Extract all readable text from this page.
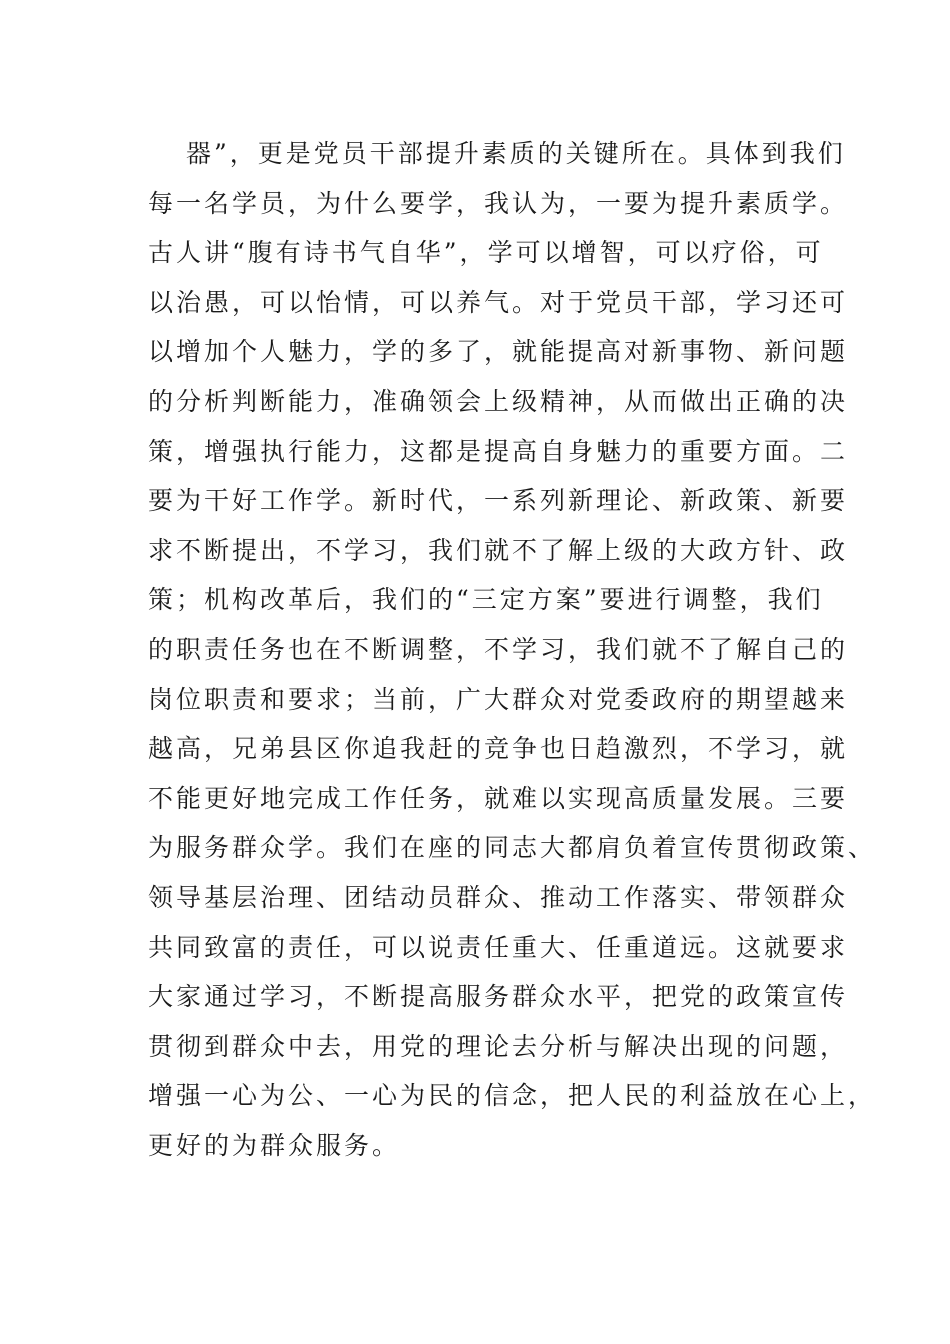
器”，更是党员干部提升素质的关键所在。具体到我们
每一名学员，为什么要学，我认为，一要为提升素质学。
古人讲“腹有诗书气自华”，学可以增智，可以疗俗，可
以治愚，可以怡情，可以养气。对于党员干部，学习还可
以增加个人魅力，学的多了，就能提高对新事物、新问题
的分析判断能力，准确领会上级精神，从而做出正确的决
策，增强执行能力，这都是提高自身魅力的重要方面。二
要为干好工作学。新时代，一系列新理论、新政策、新要
求不断提出，不学习，我们就不了解上级的大政方针、政
策；机构改革后，我们的“三定方案”要进行调整，我们
的职责任务也在不断调整，不学习，我们就不了解自己的
岗位职责和要求；当前，广大群众对党委政府的期望越来
越高，兄弟县区你追我赶的竞争也日趋激烈，不学习，就
不能更好地完成工作任务，就难以实现高质量发展。三要
为服务群众学。我们在座的同志大都肩负着宣传贯彻政策、
领导基层治理、团结动员群众、推动工作落实、带领群众
共同致富的责任，可以说责任重大、任重道远。这就要求
大家通过学习，不断提高服务群众水平，把党的政策宣传
贯彻到群众中去，用党的理论去分析与解决出现的问题，
增强一心为公、一心为民的信念，把人民的利益放在心上，
更好的为群众服务。
